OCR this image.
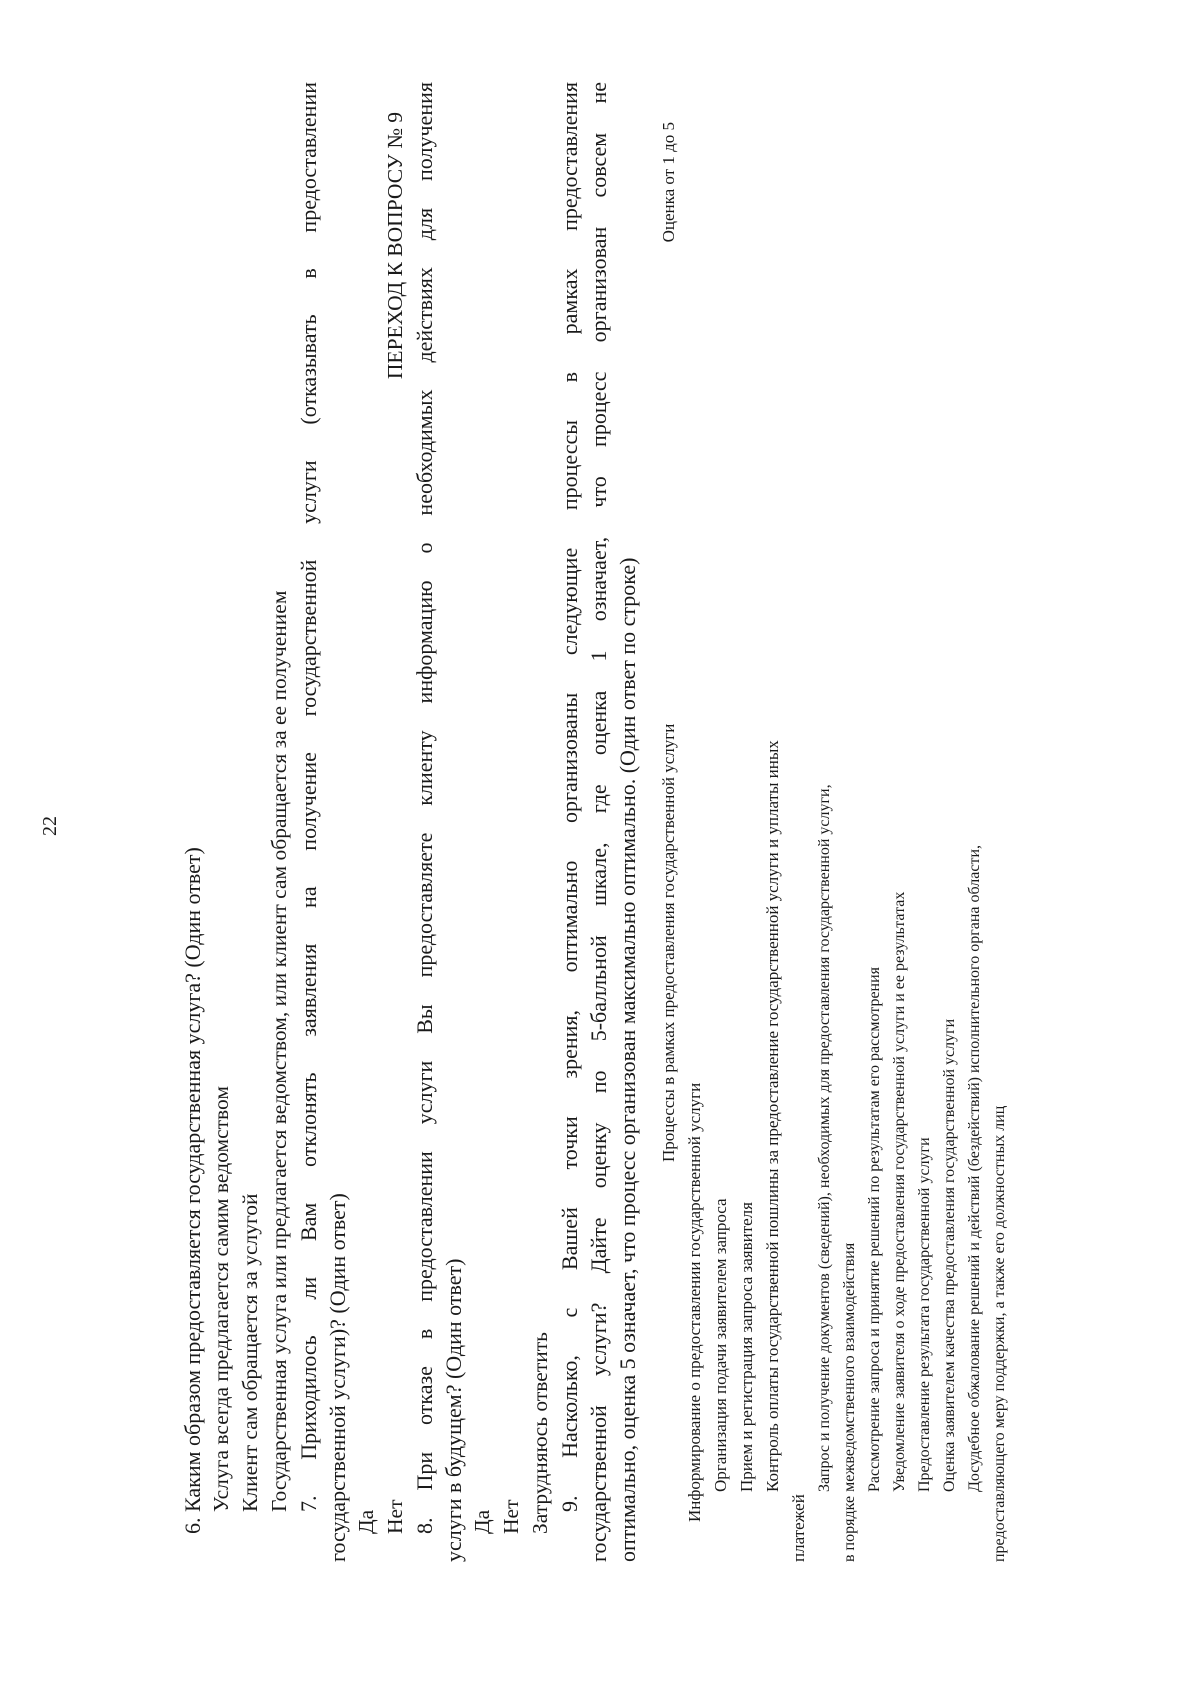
22
6. Каким образом предоставляется государственная услуга? (Один ответ) Услуга всегда предлагается самим ведомством Клиент сам обращается за услугой Государственная услуга или предлагается ведомством, или клиент сам обращается за ее получением 7. Приходилось ли Вам отклонять заявления на получение государственной услуги (отказывать в предоставлении государственной услуги)? (Один ответ) Да Нет
ПЕРЕХОД К ВОПРОСУ № 9 8. При отказе в предоставлении услуги Вы предоставляете клиенту информацию о необходимых действиях для получения услуги в будущем? (Один ответ) Да Нет Затрудняюсь ответить 9. Насколько, с Вашей точки зрения, оптимально организованы следующие процессы в рамках предоставления государственной услуги? Дайте оценку по 5-балльной шкале, где оценка 1 означает, что процесс организован совсем не оптимально, оценка 5 означает, что процесс организован максимально оптимально. (Один ответ по строке) Процессы в рамках предоставления государственной услуги
Оценка от 1 до 5
Информирование о предоставлении государственной услуги Организация подачи заявителем запроса Прием и регистрация запроса заявителя Контроль оплаты государственной пошлины за предоставление государственной услуги и уплаты иных
платежей
Запрос и получение документов (сведений), необходимых для предоставления государственной услуги, в порядке межведомственного взаимодействия Рассмотрение запроса и принятие решений по результатам его рассмотрения Уведомление заявителя о ходе предоставления государственной услуги и ее результатах Предоставление результата государственной услуги Оценка заявителем качества предоставления государственной услуги Досудебное обжалование решений и действий (бездействий) исполнительного органа области, предоставляющего меру поддержки, а также его должностных лиц
